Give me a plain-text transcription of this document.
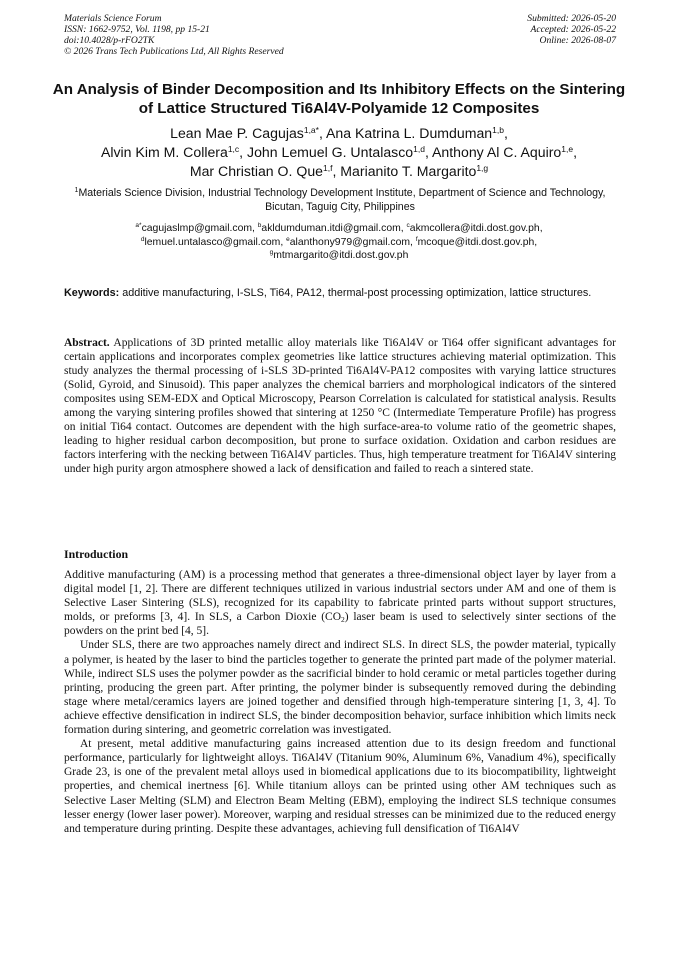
Materials Science Forum
ISSN: 1662-9752, Vol. 1198, pp 15-21
doi:10.4028/p-rFO2TK
© 2026 Trans Tech Publications Ltd, All Rights Reserved
Submitted: 2026-05-20
Accepted: 2026-05-22
Online: 2026-08-07
An Analysis of Binder Decomposition and Its Inhibitory Effects on the Sintering of Lattice Structured Ti6Al4V-Polyamide 12 Composites
Lean Mae P. Cagujas$^{1,a*}$, Ana Katrina L. Dumduman$^{1,b}$,
Alvin Kim M. Collera$^{1,c}$, John Lemuel G. Untalasco$^{1,d}$, Anthony Al C. Aquiro$^{1,e}$,
Mar Christian O. Que$^{1,f}$, Marianito T. Margarito$^{1,g}$
$^1$Materials Science Division, Industrial Technology Development Institute, Department of Science and Technology, Bicutan, Taguig City, Philippines
$^{a*}$cagujaslmp@gmail.com, $^b$akldumduman.itdi@gmail.com, $^c$akmcollera@itdi.dost.gov.ph,
$^d$lemuel.untalasco@gmail.com, $^e$alanthony979@gmail.com, $^f$mcoque@itdi.dost.gov.ph,
$^g$mtmargarito@itdi.dost.gov.ph
Keywords: additive manufacturing, I-SLS, Ti64, PA12, thermal-post processing optimization, lattice structures.
Abstract. Applications of 3D printed metallic alloy materials like Ti6Al4V or Ti64 offer significant advantages for certain applications and incorporates complex geometries like lattice structures achieving material optimization. This study analyzes the thermal processing of i-SLS 3D-printed Ti6Al4V-PA12 composites with varying lattice structures (Solid, Gyroid, and Sinusoid). This paper analyzes the chemical barriers and morphological indicators of the sintered composites using SEM-EDX and Optical Microscopy, Pearson Correlation is calculated for statistical analysis. Results among the varying sintering profiles showed that sintering at 1250 °C (Intermediate Temperature Profile) has progress on initial Ti64 contact. Outcomes are dependent with the high surface-area-to volume ratio of the geometric shapes, leading to higher residual carbon decomposition, but prone to surface oxidation. Oxidation and carbon residues are factors interfering with the necking between Ti6Al4V particles. Thus, high temperature treatment for Ti6Al4V sintering under high purity argon atmosphere showed a lack of densification and failed to reach a sintered state.
Introduction

Additive manufacturing (AM) is a processing method that generates a three-dimensional object layer by layer from a digital model [1, 2]. There are different techniques utilized in various industrial sectors under AM and one of them is Selective Laser Sintering (SLS), recognized for its capability to fabricate printed parts without support structures, molds, or preforms [3, 4]. In SLS, a Carbon Dioxie $(CO_2)$ laser beam is used to selectively sinter sections of the powders on the print bed [4, 5].

Under SLS, there are two approaches namely direct and indirect SLS. In direct SLS, the powder material, typically a polymer, is heated by the laser to bind the particles together to generate the printed part made of the polymer material. While, indirect SLS uses the polymer powder as the sacrificial binder to hold ceramic or metal particles together during printing, producing the green part. After printing, the polymer binder is subsequently removed during the debinding stage where metal/ceramics layers are joined together and densified through high-temperature sintering [1, 3, 4]. To achieve effective densification in indirect SLS, the binder decomposition behavior, surface inhibition which limits neck formation during sintering, and geometric correlation was investigated.

At present, metal additive manufacturing gains increased attention due to its design freedom and functional performance, particularly for lightweight alloys. Ti6Al4V (Titanium 90%, Aluminum 6%, Vanadium 4%), specifically Grade 23, is one of the prevalent metal alloys used in biomedical applications due to its biocompatibility, lightweight properties, and chemical inertness [6]. While titanium alloys can be printed using other AM techniques such as Selective Laser Melting (SLM) and Electron Beam Melting (EBM), employing the indirect SLS technique consumes lesser energy (lower laser power). Moreover, warping and residual stresses can be minimized due to the reduced energy and temperature during printing. Despite these advantages, achieving full densification of Ti6Al4V
